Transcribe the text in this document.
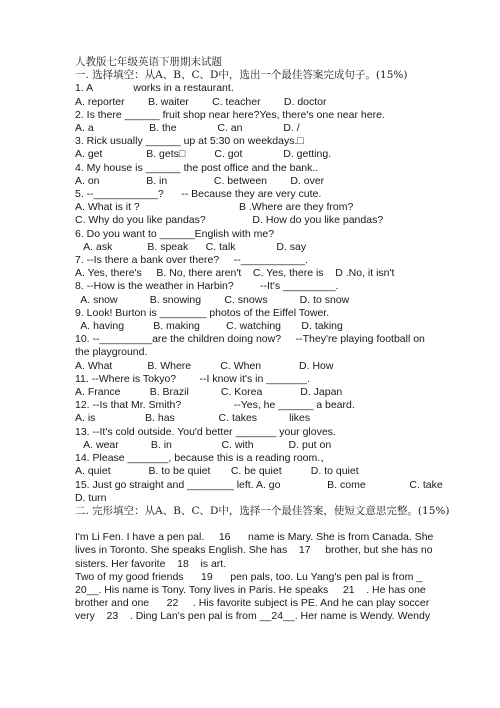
人教版七年级英语下册期末试题
一. 选择填空：从A、B、C、D中，选出一个最佳答案完成句子。(15%)
1. A              works in a restaurant.
A. reporter        B. waiter        C. teacher        D. doctor
2. Is there ______ fruit shop near here?Yes, there's one near here.
A. a                   B. the              C. an              D. /
3. Rick usually ______ up at 5:30 on weekdays.□
A. get               B. gets□          C. got              D. getting.
4. My house is ______ the post office and the bank..
A. on                B. in                C. between        D. over
5. --___________?      -- Because they are very cute.
A. What is it ?                                  B .Where are they from?
C. Why do you like pandas?                D. How do you like pandas?
6. Do you want to ______English with me?
A. ask            B. speak      C. talk              D. say
7. --Is there a bank over there?     --___________.
A. Yes, there's     B. No, there aren't    C. Yes, there is    D .No, it isn't
8. --How is the weather in Harbin?         --It's _________.
A. snow           B. snowing        C. snows           D. to snow
9. Look! Burton is ________ photos of the Eiffel Tower.
A. having          B. making         C. watching       D. taking
10. --_________are the children doing now?     --They're playing football on
the playground.
A. What            B. Where          C. When             D. How
11. --Where is Tokyo?        --I know it's in _______.
A. France          B. Brazil           C. Korea             D. Japan
12. --Is that Mr. Smith?                  --Yes, he ______ a beard.
A. is                 B. has               C. takes           likes
13. --It's cold outside. You'd better _______ your gloves.
A. wear           B. in                 C. with            D. put on
14. Please _______, because this is a reading room.、
A. quiet             B. to be quiet       C. be quiet          D. to quiet
15. Just go straight and ________ left. A. go                B. come               C. take
D. turn
二. 完形填空：从A、B、C、D中，选择一个最佳答案，使短文意思完整。(15%)
I'm Li Fen. I have a pen pal.     16      name is Mary. She is from Canada. She
lives in Toronto. She speaks English. She has    17     brother, but she has no
sisters. Her favorite    18    is art.
Two of my good friends      19      pen pals, too. Lu Yang's pen pal is from _
20__. His name is Tony. Tony lives in Paris. He speaks     21    . He has one
brother and one      22     . His favorite subject is PE. And he can play soccer
very    23    . Ding Lan's pen pal is from __24__. Her name is Wendy. Wendy
